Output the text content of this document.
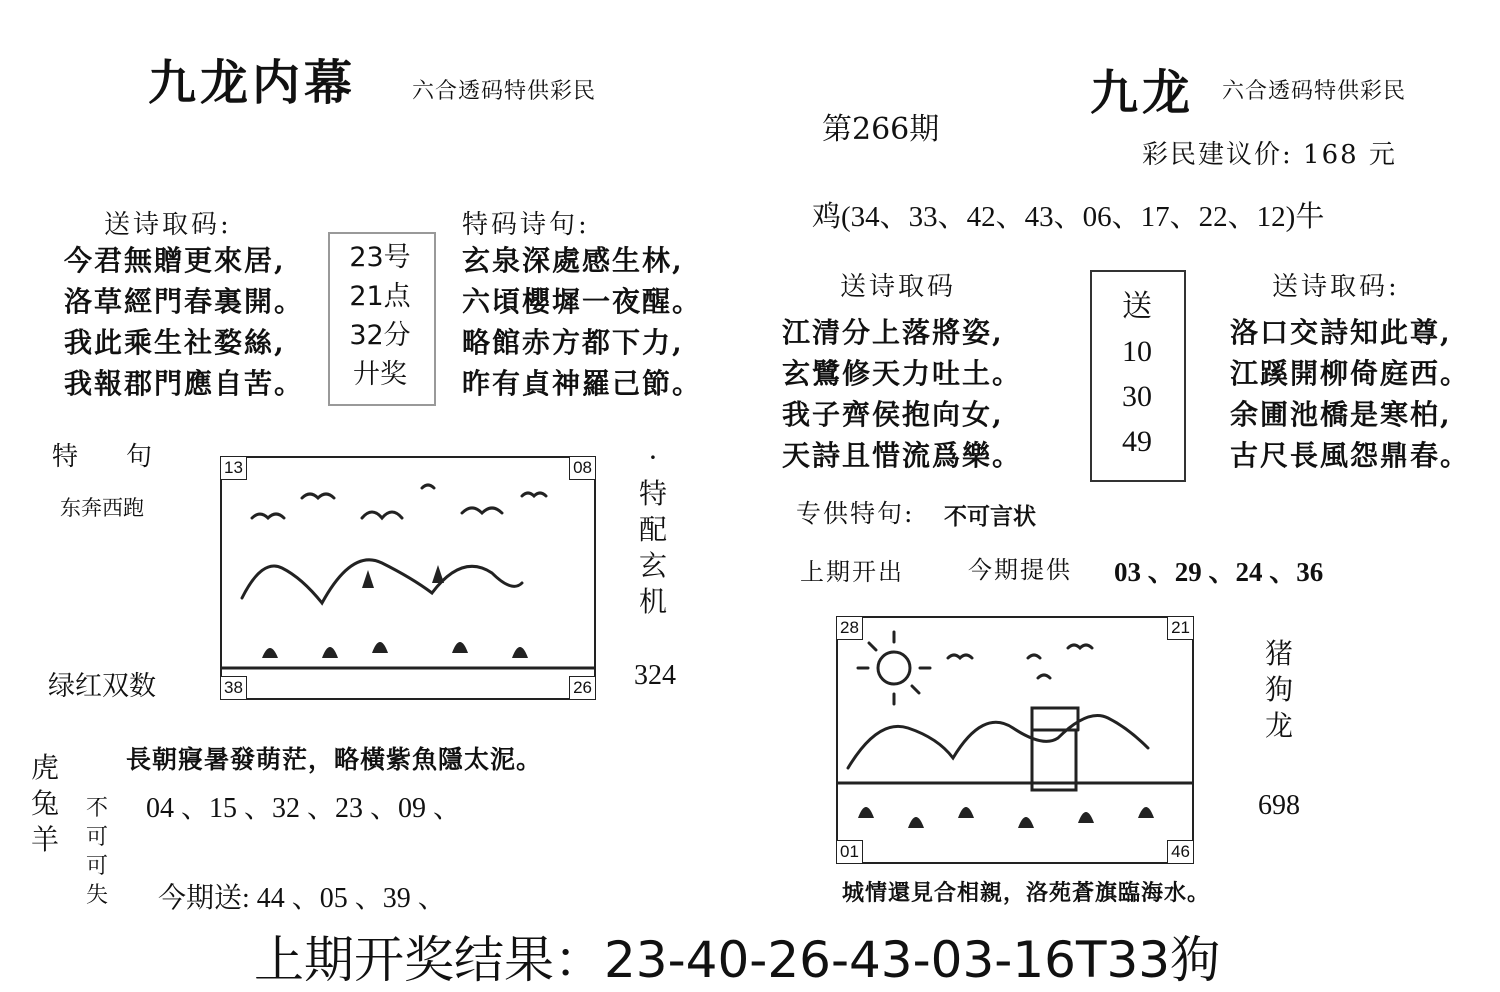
九龙内幕	六合透码特供彩民
送诗取码:
今君無贈更來居,
洛草經門春裏開。
我此乘生社婺絲,
我報郡門應自苦。
23号
21点
32分
廾奖
特码诗句:
玄泉深處感生林,
六頃櫻墀一夜醒。
略館赤方都下力,
昨有貞神羅己節。
特    句
东奔西跑
绿红双数
13	08
38	26
·
特
配
玄
机
324
長朝寢暑發萌茫，略橫紫魚隱太泥。
虎
兔
羊
不
可
可
失
04 、15 、32 、23 、09 、
今期送: 44 、05 、39 、
第266期
九龙 六合透码特供彩民
彩民建议价: 168 元
鸡(34、33、42、43、06、17、22、12)牛
送诗取码
江清分上落將姿,
玄鷺修天力吐土。
我子齊侯抱向女,
天詩且惜流爲樂。
送
10
30
49
送诗取码:
洛口交詩知此尊,
江蹊開柳倚庭西。
余圃池橋是寒柏,
古尺長風怨鼎春。
专供特句: 不可言状
上期开出	今期提供 03 、29 、24 、36
28	21
01	46
猪
狗
龙
698
城情還見合相親，洛苑蒼旗臨海水。
上期开奖结果：23-40-26-43-03-16T33狗
